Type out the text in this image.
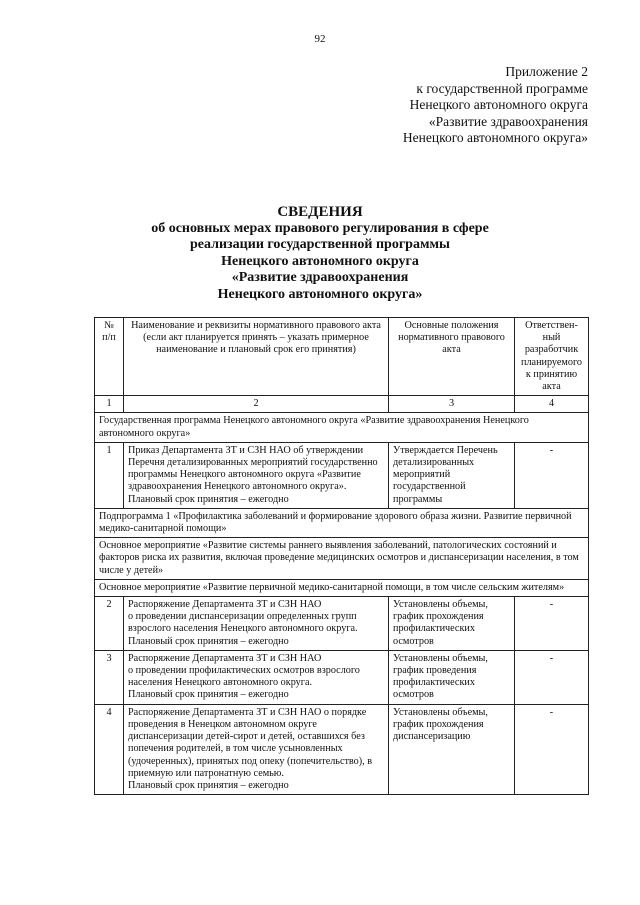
92
Приложение 2
к государственной программе
Ненецкого автономного округа
«Развитие здравоохранения
Ненецкого автономного округа»
СВЕДЕНИЯ
об основных мерах правового регулирования в сфере
реализации государственной программы
Ненецкого автономного округа
«Развитие здравоохранения
Ненецкого автономного округа»
№ п/п	Наименование и реквизиты нормативного правового акта (если акт планируется принять – указать примерное наименование и плановый срок его принятия)	Основные положения нормативного правового акта	Ответствен-ный разработчик планируемого к принятию акта
1	2	3	4
Государственная программа Ненецкого автономного округа «Развитие здравоохранения Ненецкого автономного округа»			
1	Приказ Департамента ЗТ и СЗН НАО об утверждении Перечня детализированных мероприятий государственно программы Ненецкого автономного округа «Развитие здравоохранения Ненецкого автономного округа».
Плановый срок принятия – ежегодно	Утверждается Перечень детализированных мероприятий государственной программы	-
Подпрограмма 1 «Профилактика заболеваний и формирование здорового образа жизни. Развитие первичной медико-санитарной помощи»			
Основное мероприятие «Развитие системы раннего выявления заболеваний, патологических состояний и факторов риска их развития, включая проведение медицинских осмотров и диспансеризации населения, в том числе у детей»			
Основное мероприятие «Развитие первичной медико-санитарной помощи, в том числе сельским жителям»			
2	Распоряжение Департамента ЗТ и СЗН НАО
о проведении диспансеризации определенных групп взрослого населения Ненецкого автономного округа.
Плановый срок принятия – ежегодно	Установлены объемы, график прохождения профилактических осмотров	-
3	Распоряжение Департамента ЗТ и СЗН НАО
о проведении профилактических осмотров взрослого населения Ненецкого автономного округа.
Плановый срок принятия – ежегодно	Установлены объемы, график проведения профилактических осмотров	-
4	Распоряжение Департамента ЗТ и СЗН НАО о порядке проведения в Ненецком автономном округе диспансеризации детей-сирот и детей, оставшихся без попечения родителей, в том числе усыновленных (удочеренных), принятых под опеку (попечительство), в приемную или патронатную семью.
Плановый срок принятия – ежегодно	Установлены объемы, график прохождения диспансеризацию	-
